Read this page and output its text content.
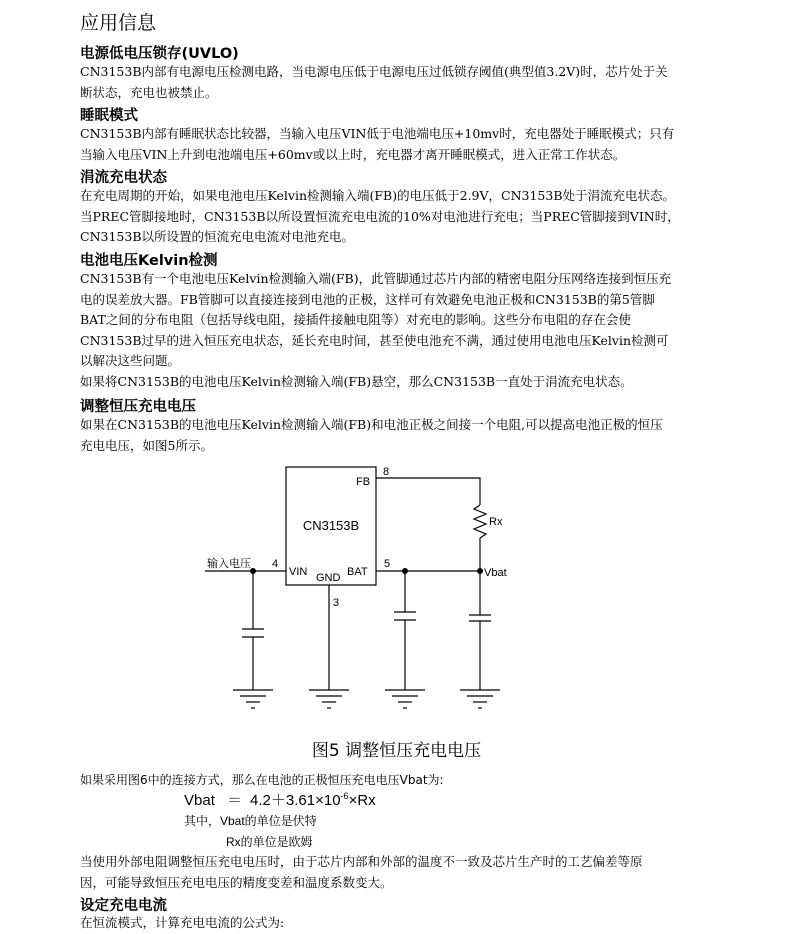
应用信息
电源低电压锁存(UVLO)
CN3153B内部有电源电压检测电路，当电源电压低于电源电压过低锁存阈值(典型值3.2V)时，芯片处于关
断状态，充电也被禁止。
睡眠模式
CN3153B内部有睡眠状态比较器，当输入电压VIN低于电池端电压+10mv时，充电器处于睡眠模式；只有
当输入电压VIN上升到电池端电压+60mv或以上时，充电器才离开睡眠模式，进入正常工作状态。
涓流充电状态
在充电周期的开始，如果电池电压Kelvin检测输入端(FB)的电压低于2.9V，CN3153B处于涓流充电状态。
当PREC管脚接地时，CN3153B以所设置恒流充电电流的10%对电池进行充电；当PREC管脚接到VIN时，
CN3153B以所设置的恒流充电电流对电池充电。
电池电压Kelvin检测
CN3153B有一个电池电压Kelvin检测输入端(FB)，此管脚通过芯片内部的精密电阻分压网络连接到恒压充
电的误差放大器。FB管脚可以直接连接到电池的正极，这样可有效避免电池正极和CN3153B的第5管脚
BAT之间的分布电阻（包括导线电阻，接插件接触电阻等）对充电的影响。这些分布电阻的存在会使
CN3153B过早的进入恒压充电状态，延长充电时间，甚至使电池充不满，通过使用电池电压Kelvin检测可
以解决这些问题。
如果将CN3153B的电池电压Kelvin检测输入端(FB)悬空，那么CN3153B一直处于涓流充电状态。
调整恒压充电电压
如果在CN3153B的电池电压Kelvin检测输入端(FB)和电池正极之间接一个电阻,可以提高电池正极的恒压
充电电压，如图5所示。
CN3153B
FB
VIN GND BAT
8
4
3
5
输入电压
Rx
Vbat
图5 调整恒压充电电压
如果采用图6中的连接方式，那么在电池的正极恒压充电电压Vbat为:
Vbat ＝ $4.2+3.61\times 10^{-6}\times Rx$
其中，Vbat的单位是伏特
Rx的单位是欧姆
当使用外部电阻调整恒压充电电压时，由于芯片内部和外部的温度不一致及芯片生产时的工艺偏差等原
因，可能导致恒压充电电压的精度变差和温度系数变大。
设定充电电流
在恒流模式，计算充电电流的公式为:
